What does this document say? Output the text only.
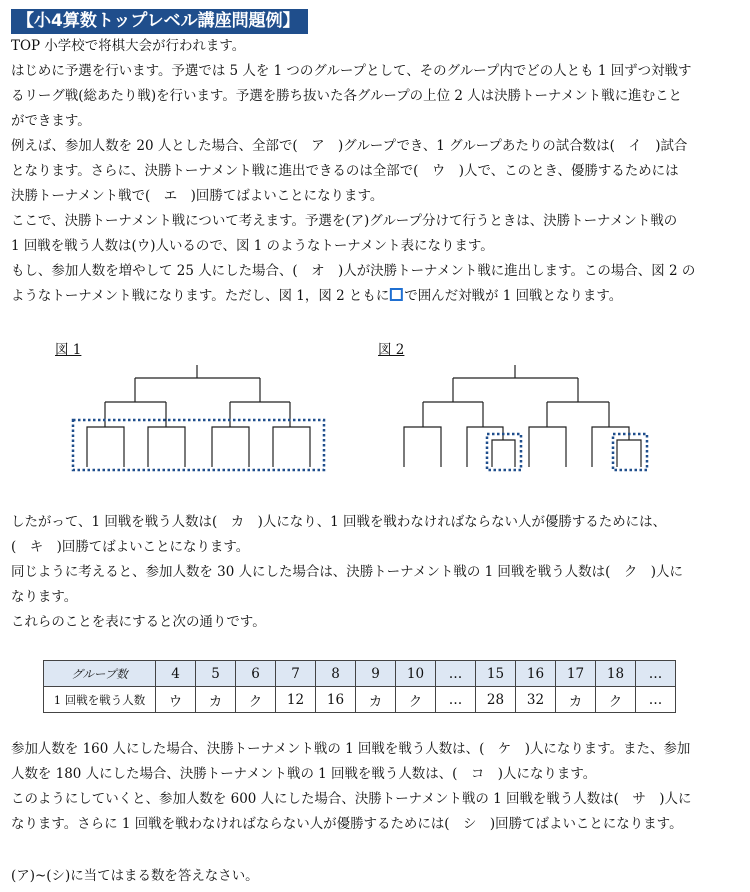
【小4算数トップレベル講座問題例】
TOP 小学校で将棋大会が行われます。
はじめに予選を行います。予選では 5 人を 1 つのグループとして、そのグループ内でどの人とも 1 回ずつ対戦す
るリーグ戦(総あたり戦)を行います。予選を勝ち抜いた各グループの上位 2 人は決勝トーナメント戦に進むこと
ができます。
例えば、参加人数を 20 人とした場合、全部で(　ア　)グループでき、1 グループあたりの試合数は(　イ　)試合
となります。さらに、決勝トーナメント戦に進出できるのは全部で(　ウ　)人で、このとき、優勝するためには
決勝トーナメント戦で(　エ　)回勝てばよいことになります。
ここで、決勝トーナメント戦について考えます。予選を(ア)グループ分けて行うときは、決勝トーナメント戦の
1 回戦を戦う人数は(ウ)人いるので、図 1 のようなトーナメント表になります。
もし、参加人数を増やして 25 人にした場合、(　オ　)人が決勝トーナメント戦に進出します。この場合、図 2 の
ようなトーナメント戦になります。ただし、図 1，図 2 ともに で囲んだ対戦が 1 回戦となります。
図 1	図 2
したがって、1 回戦を戦う人数は(　カ　)人になり、1 回戦を戦わなければならない人が優勝するためには、
(　キ　)回勝てばよいことになります。
同じように考えると、参加人数を 30 人にした場合は、決勝トーナメント戦の 1 回戦を戦う人数は(　ク　)人に
なります。
これらのことを表にすると次の通りです。
グループ数	4	5	6	7	8	9	10	…	15	16	17	18	…
1 回戦を戦う人数	ウ	カ	ク	12	16	カ	ク	…	28	32	カ	ク	…
参加人数を 160 人にした場合、決勝トーナメント戦の 1 回戦を戦う人数は、(　ケ　)人になります。また、参加
人数を 180 人にした場合、決勝トーナメント戦の 1 回戦を戦う人数は、(　コ　)人になります。
このようにしていくと、参加人数を 600 人にした場合、決勝トーナメント戦の 1 回戦を戦う人数は(　サ　)人に
なります。さらに 1 回戦を戦わなければならない人が優勝するためには(　シ　)回勝てばよいことになります。
(ア)~(シ)に当てはまる数を答えなさい。
